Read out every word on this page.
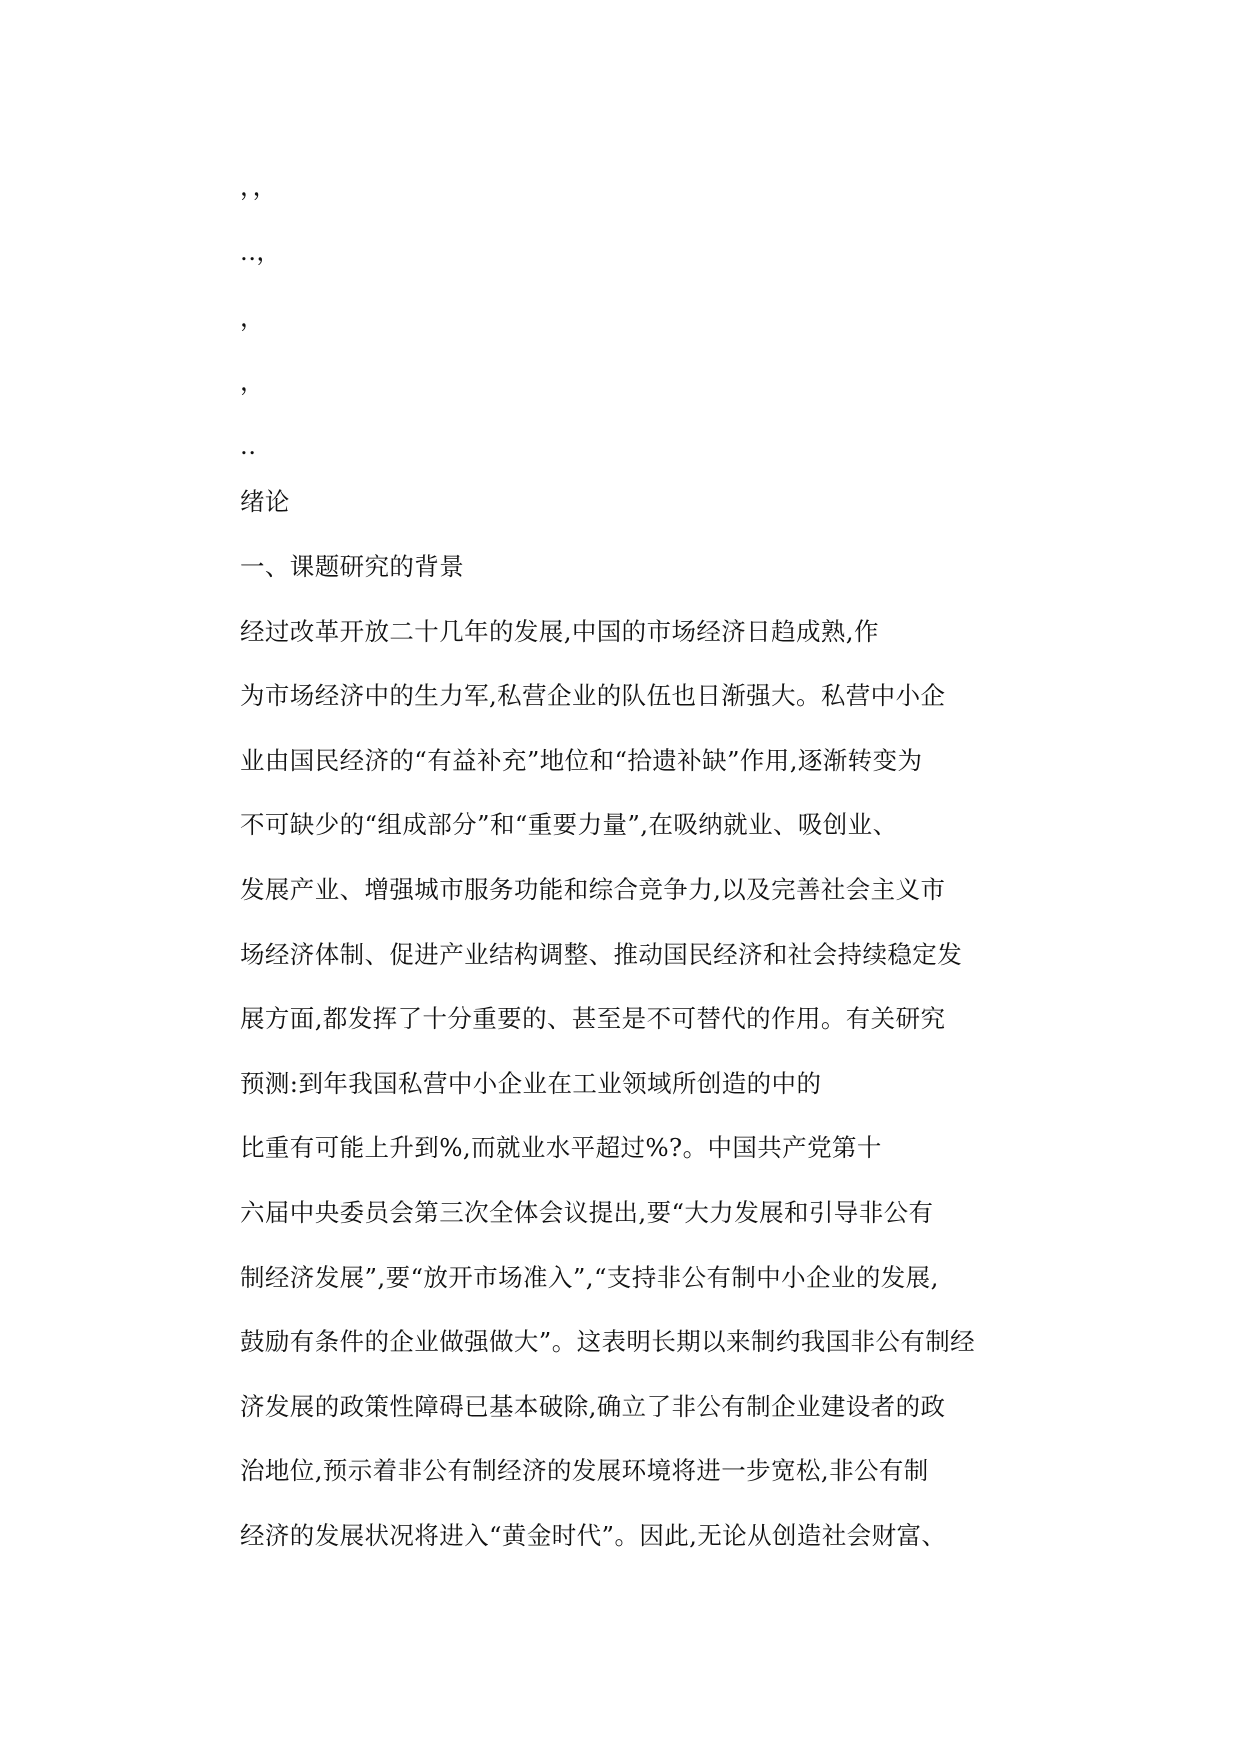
，，

..，

，

，

..

绪论

一、课题研究的背景

经过改革开放二十几年的发展,中国的市场经济日趋成熟,作

为市场经济中的生力军,私营企业的队伍也日渐强大。私营中小企

业由国民经济的“有益补充”地位和“拾遗补缺”作用,逐渐转变为

不可缺少的“组成部分”和“重要力量”,在吸纳就业、吸创业、

发展产业、增强城市服务功能和综合竞争力,以及完善社会主义市

场经济体制、促进产业结构调整、推动国民经济和社会持续稳定发

展方面,都发挥了十分重要的、甚至是不可替代的作用。有关研究

预测:到年我国私营中小企业在工业领域所创造的中的

比重有可能上升到%,而就业水平超过%?。中国共产党第十

六届中央委员会第三次全体会议提出,要“大力发展和引导非公有

制经济发展”,要“放开市场准入”,“支持非公有制中小企业的发展,

鼓励有条件的企业做强做大”。这表明长期以来制约我国非公有制经

济发展的政策性障碍已基本破除,确立了非公有制企业建设者的政

治地位,预示着非公有制经济的发展环境将进一步宽松,非公有制

经济的发展状况将进入“黄金时代”。因此,无论从创造社会财富、
